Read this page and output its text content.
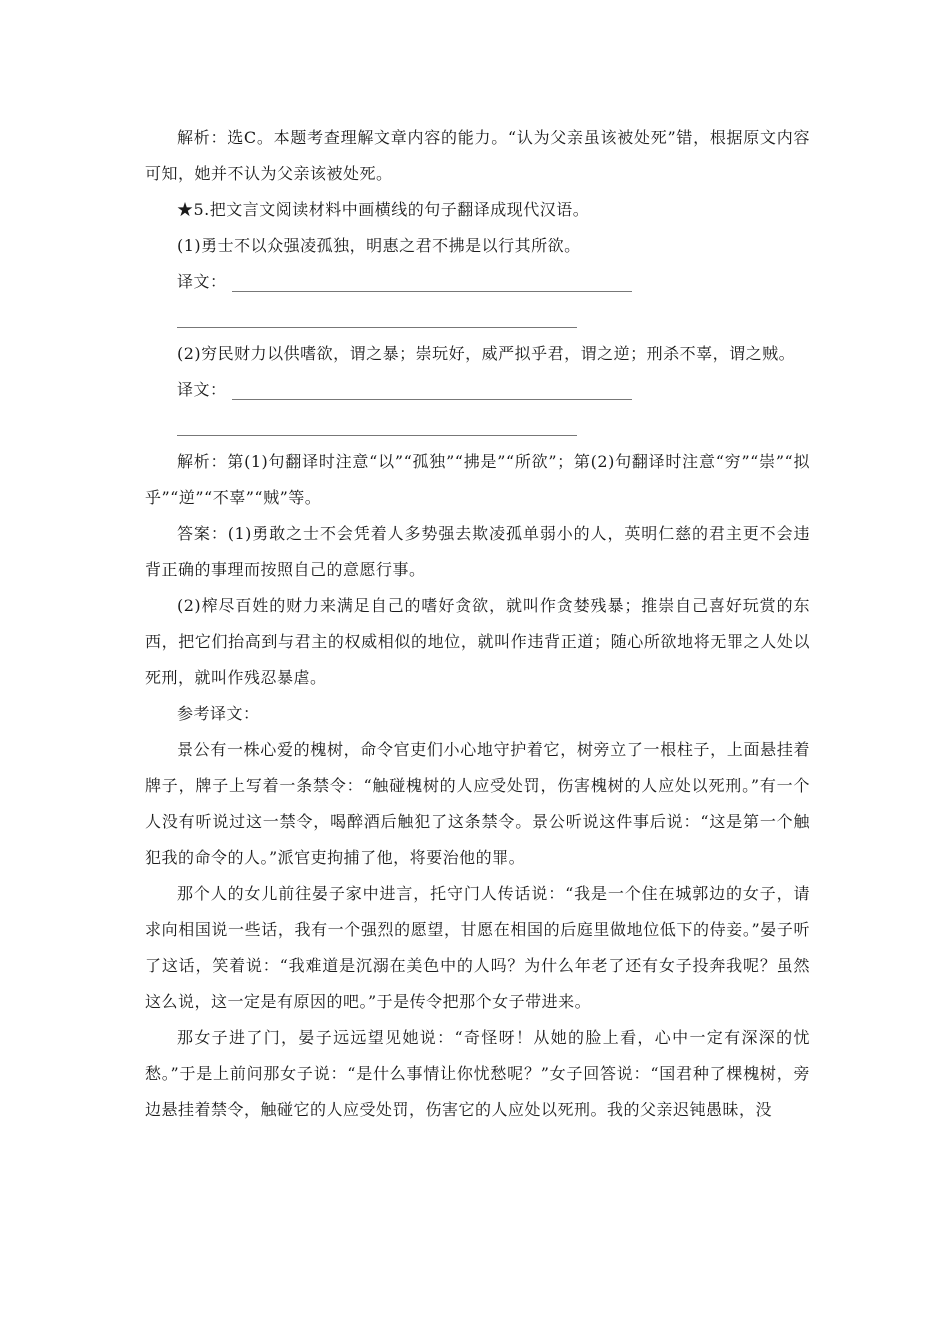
解析：选C。本题考查理解文章内容的能力。“认为父亲虽该被处死”错，根据原文内容可知，她并不认为父亲该被处死。

★5.把文言文阅读材料中画横线的句子翻译成现代汉语。

(1)勇士不以众强凌孤独，明惠之君不拂是以行其所欲。

译文：

(2)穷民财力以供嗜欲，谓之暴；崇玩好，威严拟乎君，谓之逆；刑杀不辜，谓之贼。

译文：

解析：第(1)句翻译时注意“以”“孤独”“拂是”“所欲”；第(2)句翻译时注意“穷”“崇”“拟乎”“逆”“不辜”“贼”等。

答案：(1)勇敢之士不会凭着人多势强去欺凌孤单弱小的人，英明仁慈的君主更不会违背正确的事理而按照自己的意愿行事。

(2)榨尽百姓的财力来满足自己的嗜好贪欲，就叫作贪婪残暴；推崇自己喜好玩赏的东西，把它们抬高到与君主的权威相似的地位，就叫作违背正道；随心所欲地将无罪之人处以死刑，就叫作残忍暴虐。

参考译文：

景公有一株心爱的槐树，命令官吏们小心地守护着它，树旁立了一根柱子，上面悬挂着牌子，牌子上写着一条禁令：“触碰槐树的人应受处罚，伤害槐树的人应处以死刑。”有一个人没有听说过这一禁令，喝醉酒后触犯了这条禁令。景公听说这件事后说：“这是第一个触犯我的命令的人。”派官吏拘捕了他，将要治他的罪。

那个人的女儿前往晏子家中进言，托守门人传话说：“我是一个住在城郭边的女子，请求向相国说一些话，我有一个强烈的愿望，甘愿在相国的后庭里做地位低下的侍妾。”晏子听了这话，笑着说：“我难道是沉溺在美色中的人吗？为什么年老了还有女子投奔我呢？虽然这么说，这一定是有原因的吧。”于是传令把那个女子带进来。

那女子进了门，晏子远远望见她说：“奇怪呀！从她的脸上看，心中一定有深深的忧愁。”于是上前问那女子说：“是什么事情让你忧愁呢？”女子回答说：“国君种了棵槐树，旁边悬挂着禁令，触碰它的人应受处罚，伤害它的人应处以死刑。我的父亲迟钝愚昧，没
